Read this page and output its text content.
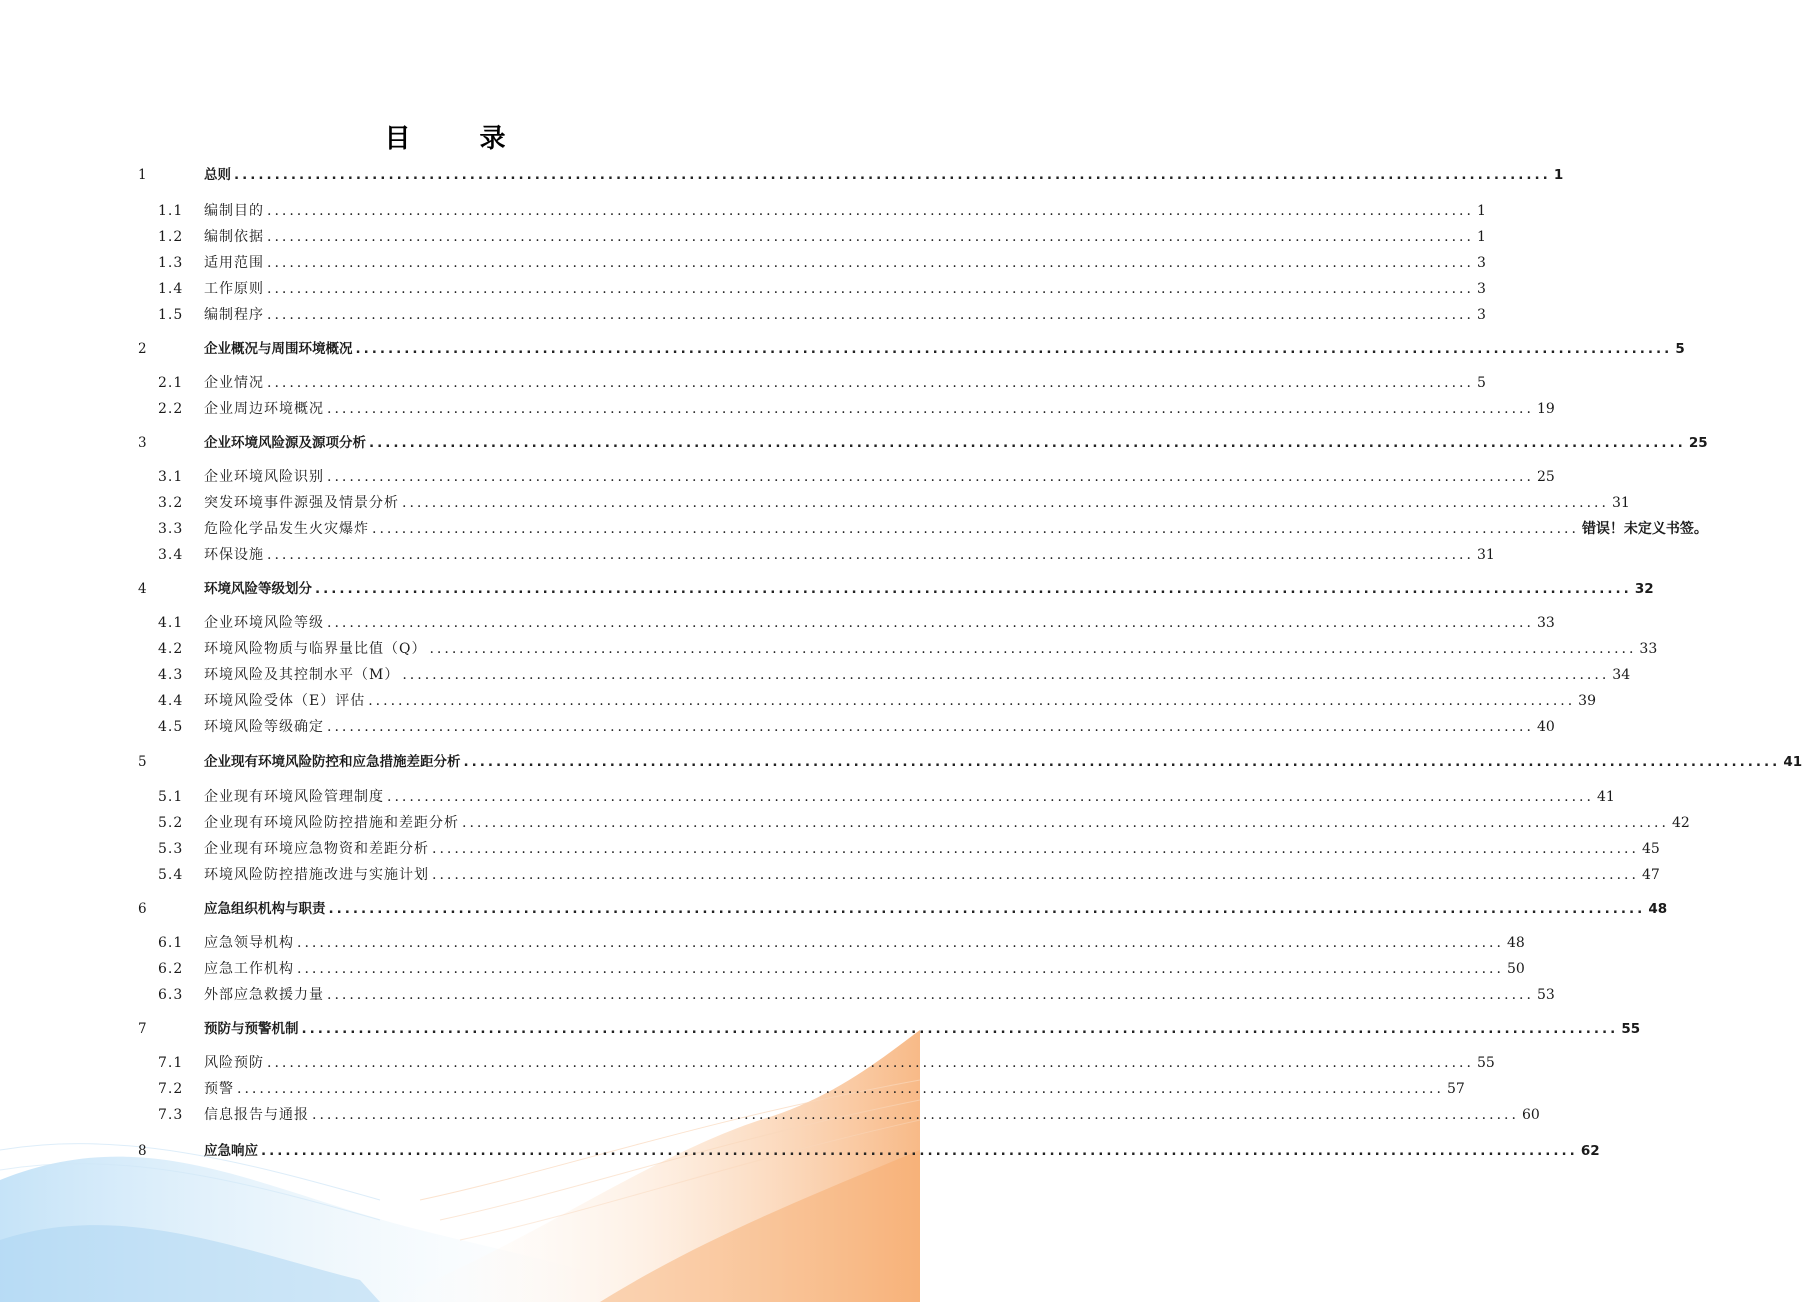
目 录
1	总则 .................................................................................................................................................................. 1
1.1	编制目的 .................................................................................................................................................................. 1
1.2	编制依据 .................................................................................................................................................................. 1
1.3	适用范围 .................................................................................................................................................................. 3
1.4	工作原则 .................................................................................................................................................................. 3
1.5	编制程序 .................................................................................................................................................................. 3
2	企业概况与周围环境概况 .................................................................................................................................................................. 5
2.1	企业情况 .................................................................................................................................................................. 5
2.2	企业周边环境概况 .................................................................................................................................................................. 19
3	企业环境风险源及源项分析 .................................................................................................................................................................. 25
3.1	企业环境风险识别 .................................................................................................................................................................. 25
3.2	突发环境事件源强及情景分析 .................................................................................................................................................................. 31
3.3	危险化学品发生火灾爆炸 .................................................................................................................................................................. 错误！未定义书签。
3.4	环保设施 .................................................................................................................................................................. 31
4	环境风险等级划分 .................................................................................................................................................................. 32
4.1	企业环境风险等级 .................................................................................................................................................................. 33
4.2	环境风险物质与临界量比值（Q） .................................................................................................................................................................. 33
4.3	环境风险及其控制水平（M） .................................................................................................................................................................. 34
4.4	环境风险受体（E）评估 .................................................................................................................................................................. 39
4.5	环境风险等级确定 .................................................................................................................................................................. 40
5	企业现有环境风险防控和应急措施差距分析 .................................................................................................................................................................. 41
5.1	企业现有环境风险管理制度 .................................................................................................................................................................. 41
5.2	企业现有环境风险防控措施和差距分析 .................................................................................................................................................................. 42
5.3	企业现有环境应急物资和差距分析 .................................................................................................................................................................. 45
5.4	环境风险防控措施改进与实施计划 .................................................................................................................................................................. 47
6	应急组织机构与职责 .................................................................................................................................................................. 48
6.1	应急领导机构 .................................................................................................................................................................. 48
6.2	应急工作机构 .................................................................................................................................................................. 50
6.3	外部应急救援力量 .................................................................................................................................................................. 53
7	预防与预警机制 .................................................................................................................................................................. 55
7.1	风险预防 .................................................................................................................................................................. 55
7.2	预警 .................................................................................................................................................................. 57
7.3	信息报告与通报 .................................................................................................................................................................. 60
8	应急响应 .................................................................................................................................................................. 62
